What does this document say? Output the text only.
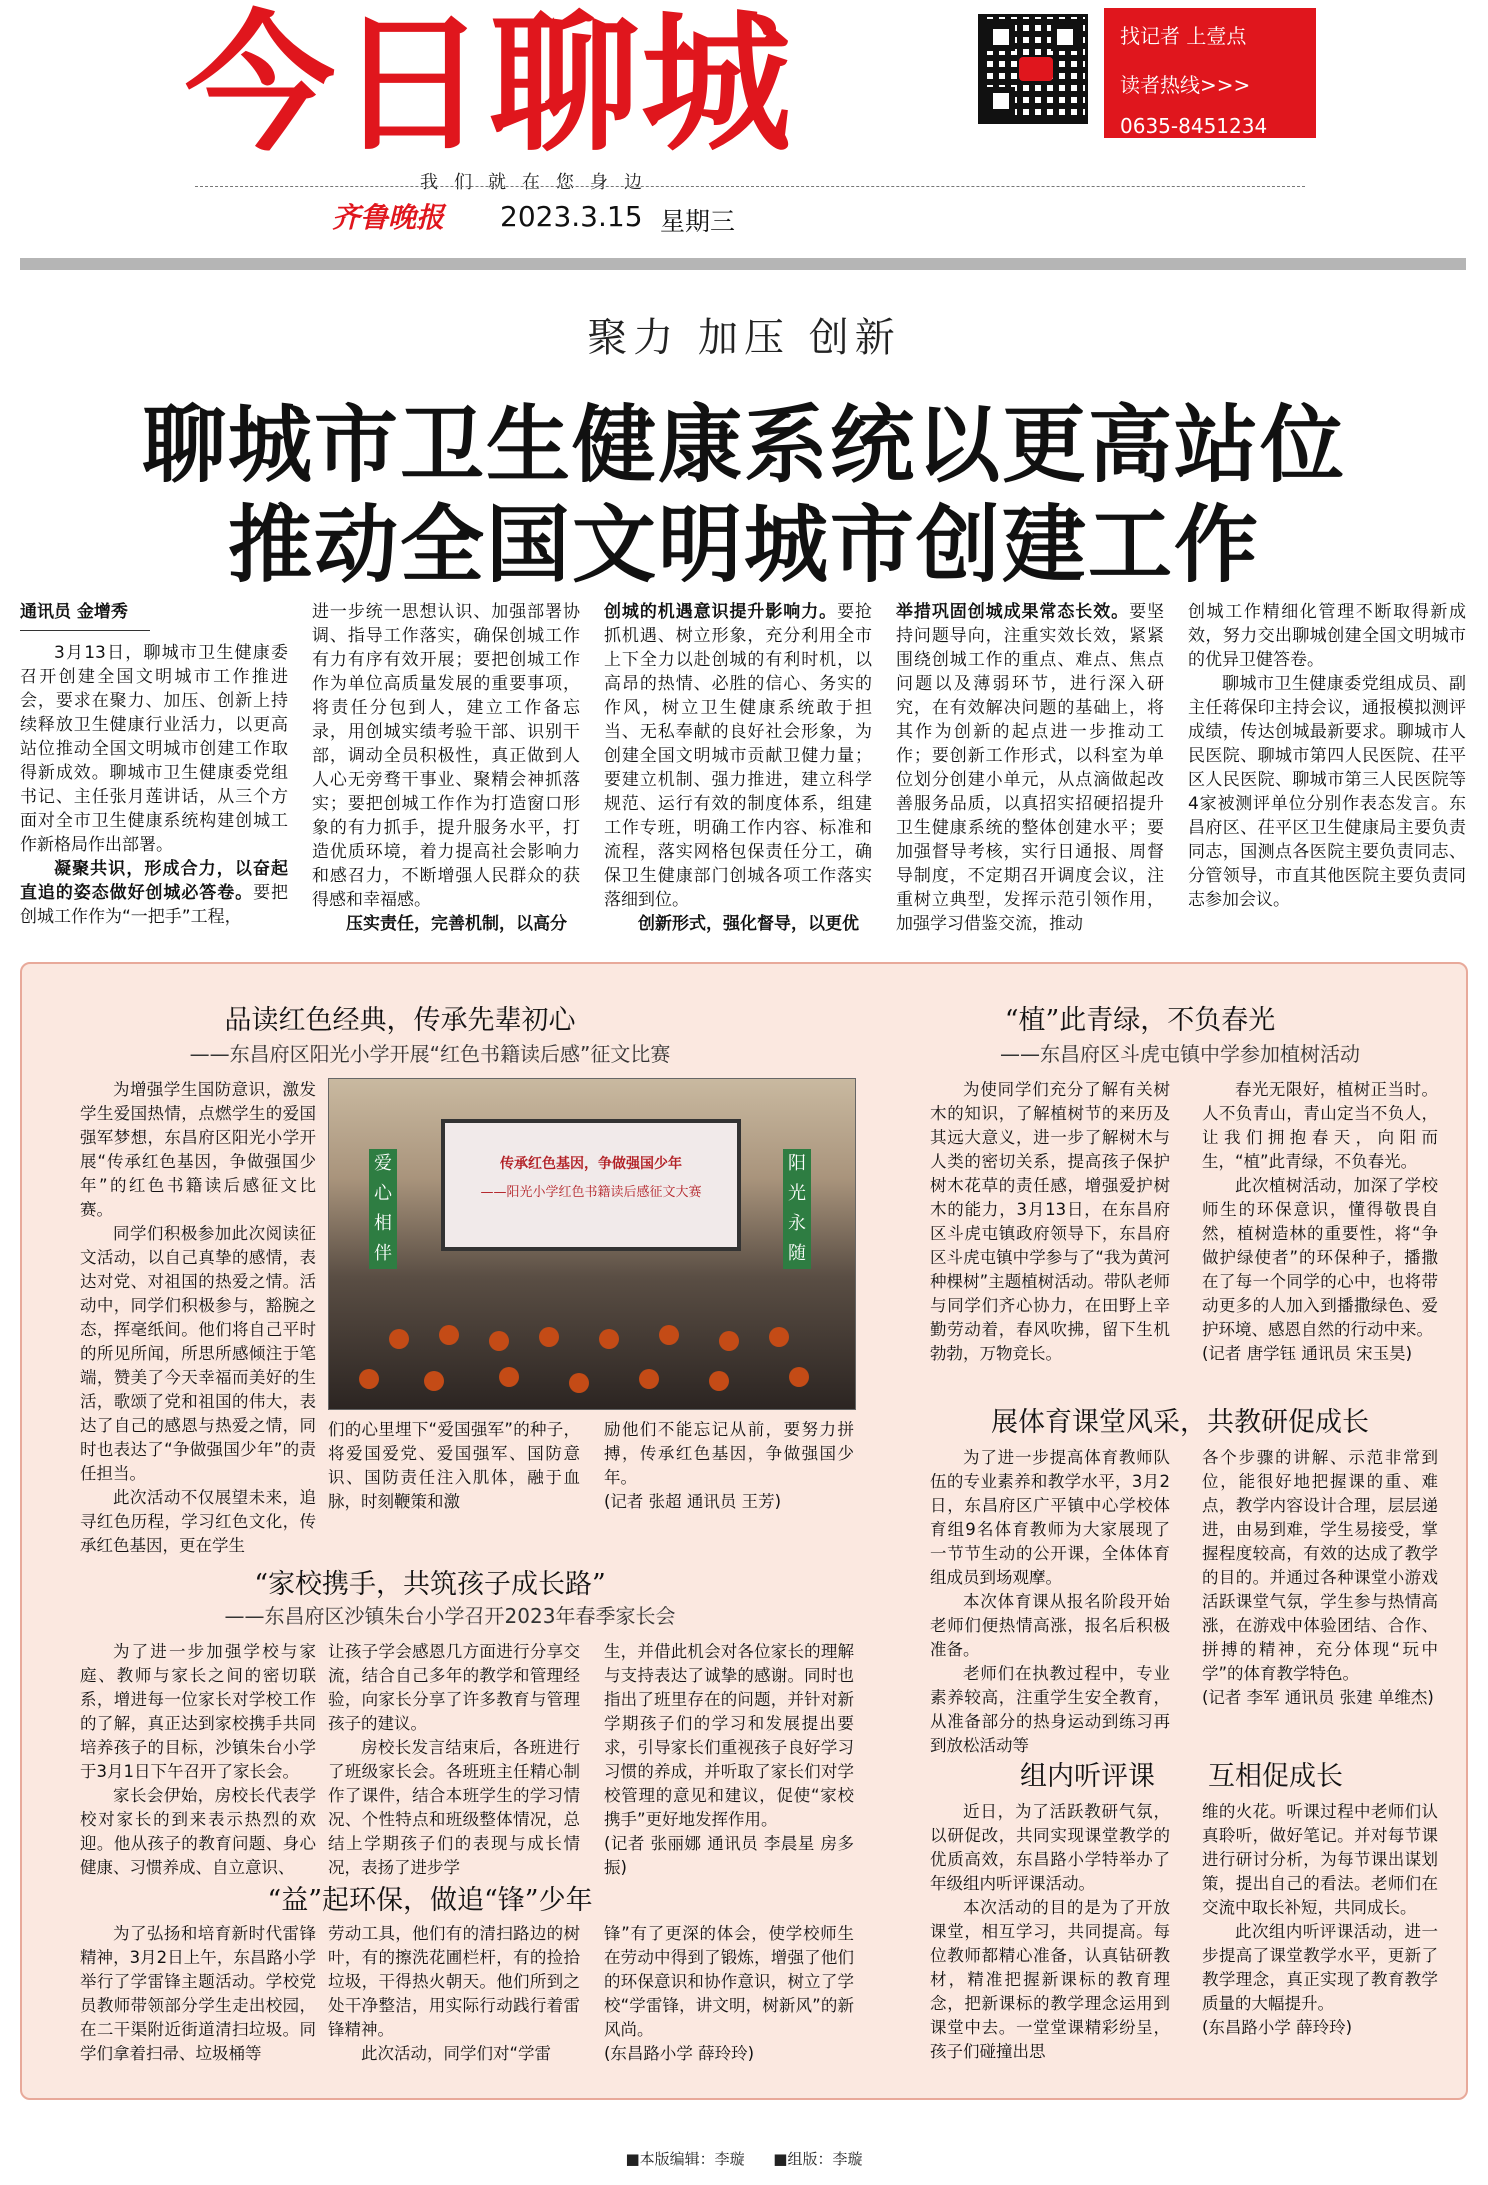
今日聊城	找记者 上壹点
读者热线>>>
0635-8451234
我们就在您身边
齐鲁晚报 2023.3.15 星期三
聚力 加压 创新
聊城市卫生健康系统以更高站位
推动全国文明城市创建工作
通讯员 金增秀

3月13日，聊城市卫生健康委召开创建全国文明城市工作推进会，要求在聚力、加压、创新上持续释放卫生健康行业活力，以更高站位推动全国文明城市创建工作取得新成效。聊城市卫生健康委党组书记、主任张月莲讲话，从三个方面对全市卫生健康系统构建创城工作新格局作出部署。

凝聚共识，形成合力，以奋起直追的姿态做好创城必答卷。要把创城工作作为“一把手”工程，

进一步统一思想认识、加强部署协调、指导工作落实，确保创城工作有力有序有效开展；要把创城工作作为单位高质量发展的重要事项，将责任分包到人，建立工作备忘录，用创城实绩考验干部、识别干部，调动全员积极性，真正做到人人心无旁骛干事业、聚精会神抓落实；要把创城工作作为打造窗口形象的有力抓手，提升服务水平，打造优质环境，着力提高社会影响力和感召力，不断增强人民群众的获得感和幸福感。

压实责任，完善机制，以高分

创城的机遇意识提升影响力。要抢抓机遇、树立形象，充分利用全市上下全力以赴创城的有利时机，以高昂的热情、必胜的信心、务实的作风，树立卫生健康系统敢于担当、无私奉献的良好社会形象，为创建全国文明城市贡献卫健力量；要建立机制、强力推进，建立科学规范、运行有效的制度体系，组建工作专班，明确工作内容、标准和流程，落实网格包保责任分工，确保卫生健康部门创城各项工作落实落细到位。

创新形式，强化督导，以更优

举措巩固创城成果常态长效。要坚持问题导向，注重实效长效，紧紧围绕创城工作的重点、难点、焦点问题以及薄弱环节，进行深入研究，在有效解决问题的基础上，将其作为创新的起点进一步推动工作；要创新工作形式，以科室为单位划分创建小单元，从点滴做起改善服务品质，以真招实招硬招提升卫生健康系统的整体创建水平；要加强督导考核，实行日通报、周督导制度，不定期召开调度会议，注重树立典型，发挥示范引领作用，加强学习借鉴交流，推动

创城工作精细化管理不断取得新成效，努力交出聊城创建全国文明城市的优异卫健答卷。

聊城市卫生健康委党组成员、副主任蒋保印主持会议，通报模拟测评成绩，传达创城最新要求。聊城市人民医院、聊城市第四人民医院、茌平区人民医院、聊城市第三人民医院等4家被测评单位分别作表态发言。东昌府区、茌平区卫生健康局主要负责同志，国测点各医院主要负责同志、分管领导，市直其他医院主要负责同志参加会议。

品读红色经典，传承先辈初心
——东昌府区阳光小学开展“红色书籍读后感”征文比赛

为增强学生国防意识，激发学生爱国热情，点燃学生的爱国强军梦想，东昌府区阳光小学开展“传承红色基因，争做强国少年”的红色书籍读后感征文比赛。

同学们积极参加此次阅读征文活动，以自己真挚的感情，表达对党、对祖国的热爱之情。活动中，同学们积极参与，豁腕之态，挥毫纸间。他们将自己平时的所见所闻，所思所感倾注于笔端，赞美了今天幸福而美好的生活，歌颂了党和祖国的伟大，表达了自己的感恩与热爱之情，同时也表达了“争做强国少年”的责任担当。

此次活动不仅展望未来，追寻红色历程，学习红色文化，传承红色基因，更在学生

爱心相伴
阳光永随
传承红色基因，争做强国少年
——阳光小学红色书籍读后感征文大赛

们的心里埋下“爱国强军”的种子，将爱国爱党、爱国强军、国防意识、国防责任注入肌体，融于血脉，时刻鞭策和激

励他们不能忘记从前，要努力拼搏，传承红色基因，争做强国少年。

(记者 张超 通讯员 王芳)

“家校携手，共筑孩子成长路”
——东昌府区沙镇朱台小学召开2023年春季家长会

为了进一步加强学校与家庭、教师与家长之间的密切联系，增进每一位家长对学校工作的了解，真正达到家校携手共同培养孩子的目标，沙镇朱台小学于3月1日下午召开了家长会。

家长会伊始，房校长代表学校对家长的到来表示热烈的欢迎。他从孩子的教育问题、身心健康、习惯养成、自立意识、

让孩子学会感恩几方面进行分享交流，结合自己多年的教学和管理经验，向家长分享了许多教育与管理孩子的建议。

房校长发言结束后，各班进行了班级家长会。各班班主任精心制作了课件，结合本班学生的学习情况、个性特点和班级整体情况，总结上学期孩子们的表现与成长情况，表扬了进步学

生，并借此机会对各位家长的理解与支持表达了诚挚的感谢。同时也指出了班里存在的问题，并针对新学期孩子们的学习和发展提出要求，引导家长们重视孩子良好学习习惯的养成，并听取了家长们对学校管理的意见和建议，促使“家校携手”更好地发挥作用。

(记者 张丽娜 通讯员 李晨星 房多振)

“益”起环保，做追“锋”少年

为了弘扬和培育新时代雷锋精神，3月2日上午，东昌路小学举行了学雷锋主题活动。学校党员教师带领部分学生走出校园，在二干渠附近街道清扫垃圾。同学们拿着扫帚、垃圾桶等

劳动工具，他们有的清扫路边的树叶，有的擦洗花圃栏杆，有的捡拾垃圾，干得热火朝天。他们所到之处干净整洁，用实际行动践行着雷锋精神。

此次活动，同学们对“学雷

锋”有了更深的体会，使学校师生在劳动中得到了锻炼，增强了他们的环保意识和协作意识，树立了学校“学雷锋，讲文明，树新风”的新风尚。

(东昌路小学 薛玲玲)

“植”此青绿，不负春光
——东昌府区斗虎屯镇中学参加植树活动

为使同学们充分了解有关树木的知识，了解植树节的来历及其远大意义，进一步了解树木与人类的密切关系，提高孩子保护树木花草的责任感，增强爱护树木的能力，3月13日，在东昌府区斗虎屯镇政府领导下，东昌府区斗虎屯镇中学参与了“我为黄河种棵树”主题植树活动。带队老师与同学们齐心协力，在田野上辛勤劳动着，春风吹拂，留下生机勃勃，万物竞长。

春光无限好，植树正当时。人不负青山，青山定当不负人，让我们拥抱春天，向阳而生，“植”此青绿，不负春光。

此次植树活动，加深了学校师生的环保意识，懂得敬畏自然，植树造林的重要性，将“争做护绿使者”的环保种子，播撒在了每一个同学的心中，也将带动更多的人加入到播撒绿色、爱护环境、感恩自然的行动中来。

(记者 唐学钰 通讯员 宋玉昊)

展体育课堂风采，共教研促成长

为了进一步提高体育教师队伍的专业素养和教学水平，3月2日，东昌府区广平镇中心学校体育组9名体育教师为大家展现了一节节生动的公开课，全体体育组成员到场观摩。

本次体育课从报名阶段开始老师们便热情高涨，报名后积极准备。

老师们在执教过程中，专业素养较高，注重学生安全教育，从准备部分的热身运动到练习再到放松活动等

各个步骤的讲解、示范非常到位，能很好地把握课的重、难点，教学内容设计合理，层层递进，由易到难，学生易接受，掌握程度较高，有效的达成了教学的目的。并通过各种课堂小游戏活跃课堂气氛，学生参与热情高涨，在游戏中体验团结、合作、拼搏的精神，充分体现“玩中学”的体育教学特色。

(记者 李军 通讯员 张建 单维杰)

组内听评课	互相促成长

近日，为了活跃教研气氛，以研促改，共同实现课堂教学的优质高效，东昌路小学特举办了年级组内听评课活动。

本次活动的目的是为了开放课堂，相互学习，共同提高。每位教师都精心准备，认真钻研教材，精准把握新课标的教育理念，把新课标的教学理念运用到课堂中去。一堂堂课精彩纷呈，孩子们碰撞出思

维的火花。听课过程中老师们认真聆听，做好笔记。并对每节课进行研讨分析，为每节课出谋划策，提出自己的看法。老师们在交流中取长补短，共同成长。

此次组内听评课活动，进一步提高了课堂教学水平，更新了教学理念，真正实现了教育教学质量的大幅提升。

(东昌路小学 薛玲玲)

■本版编辑：李璇 ■组版：李璇
